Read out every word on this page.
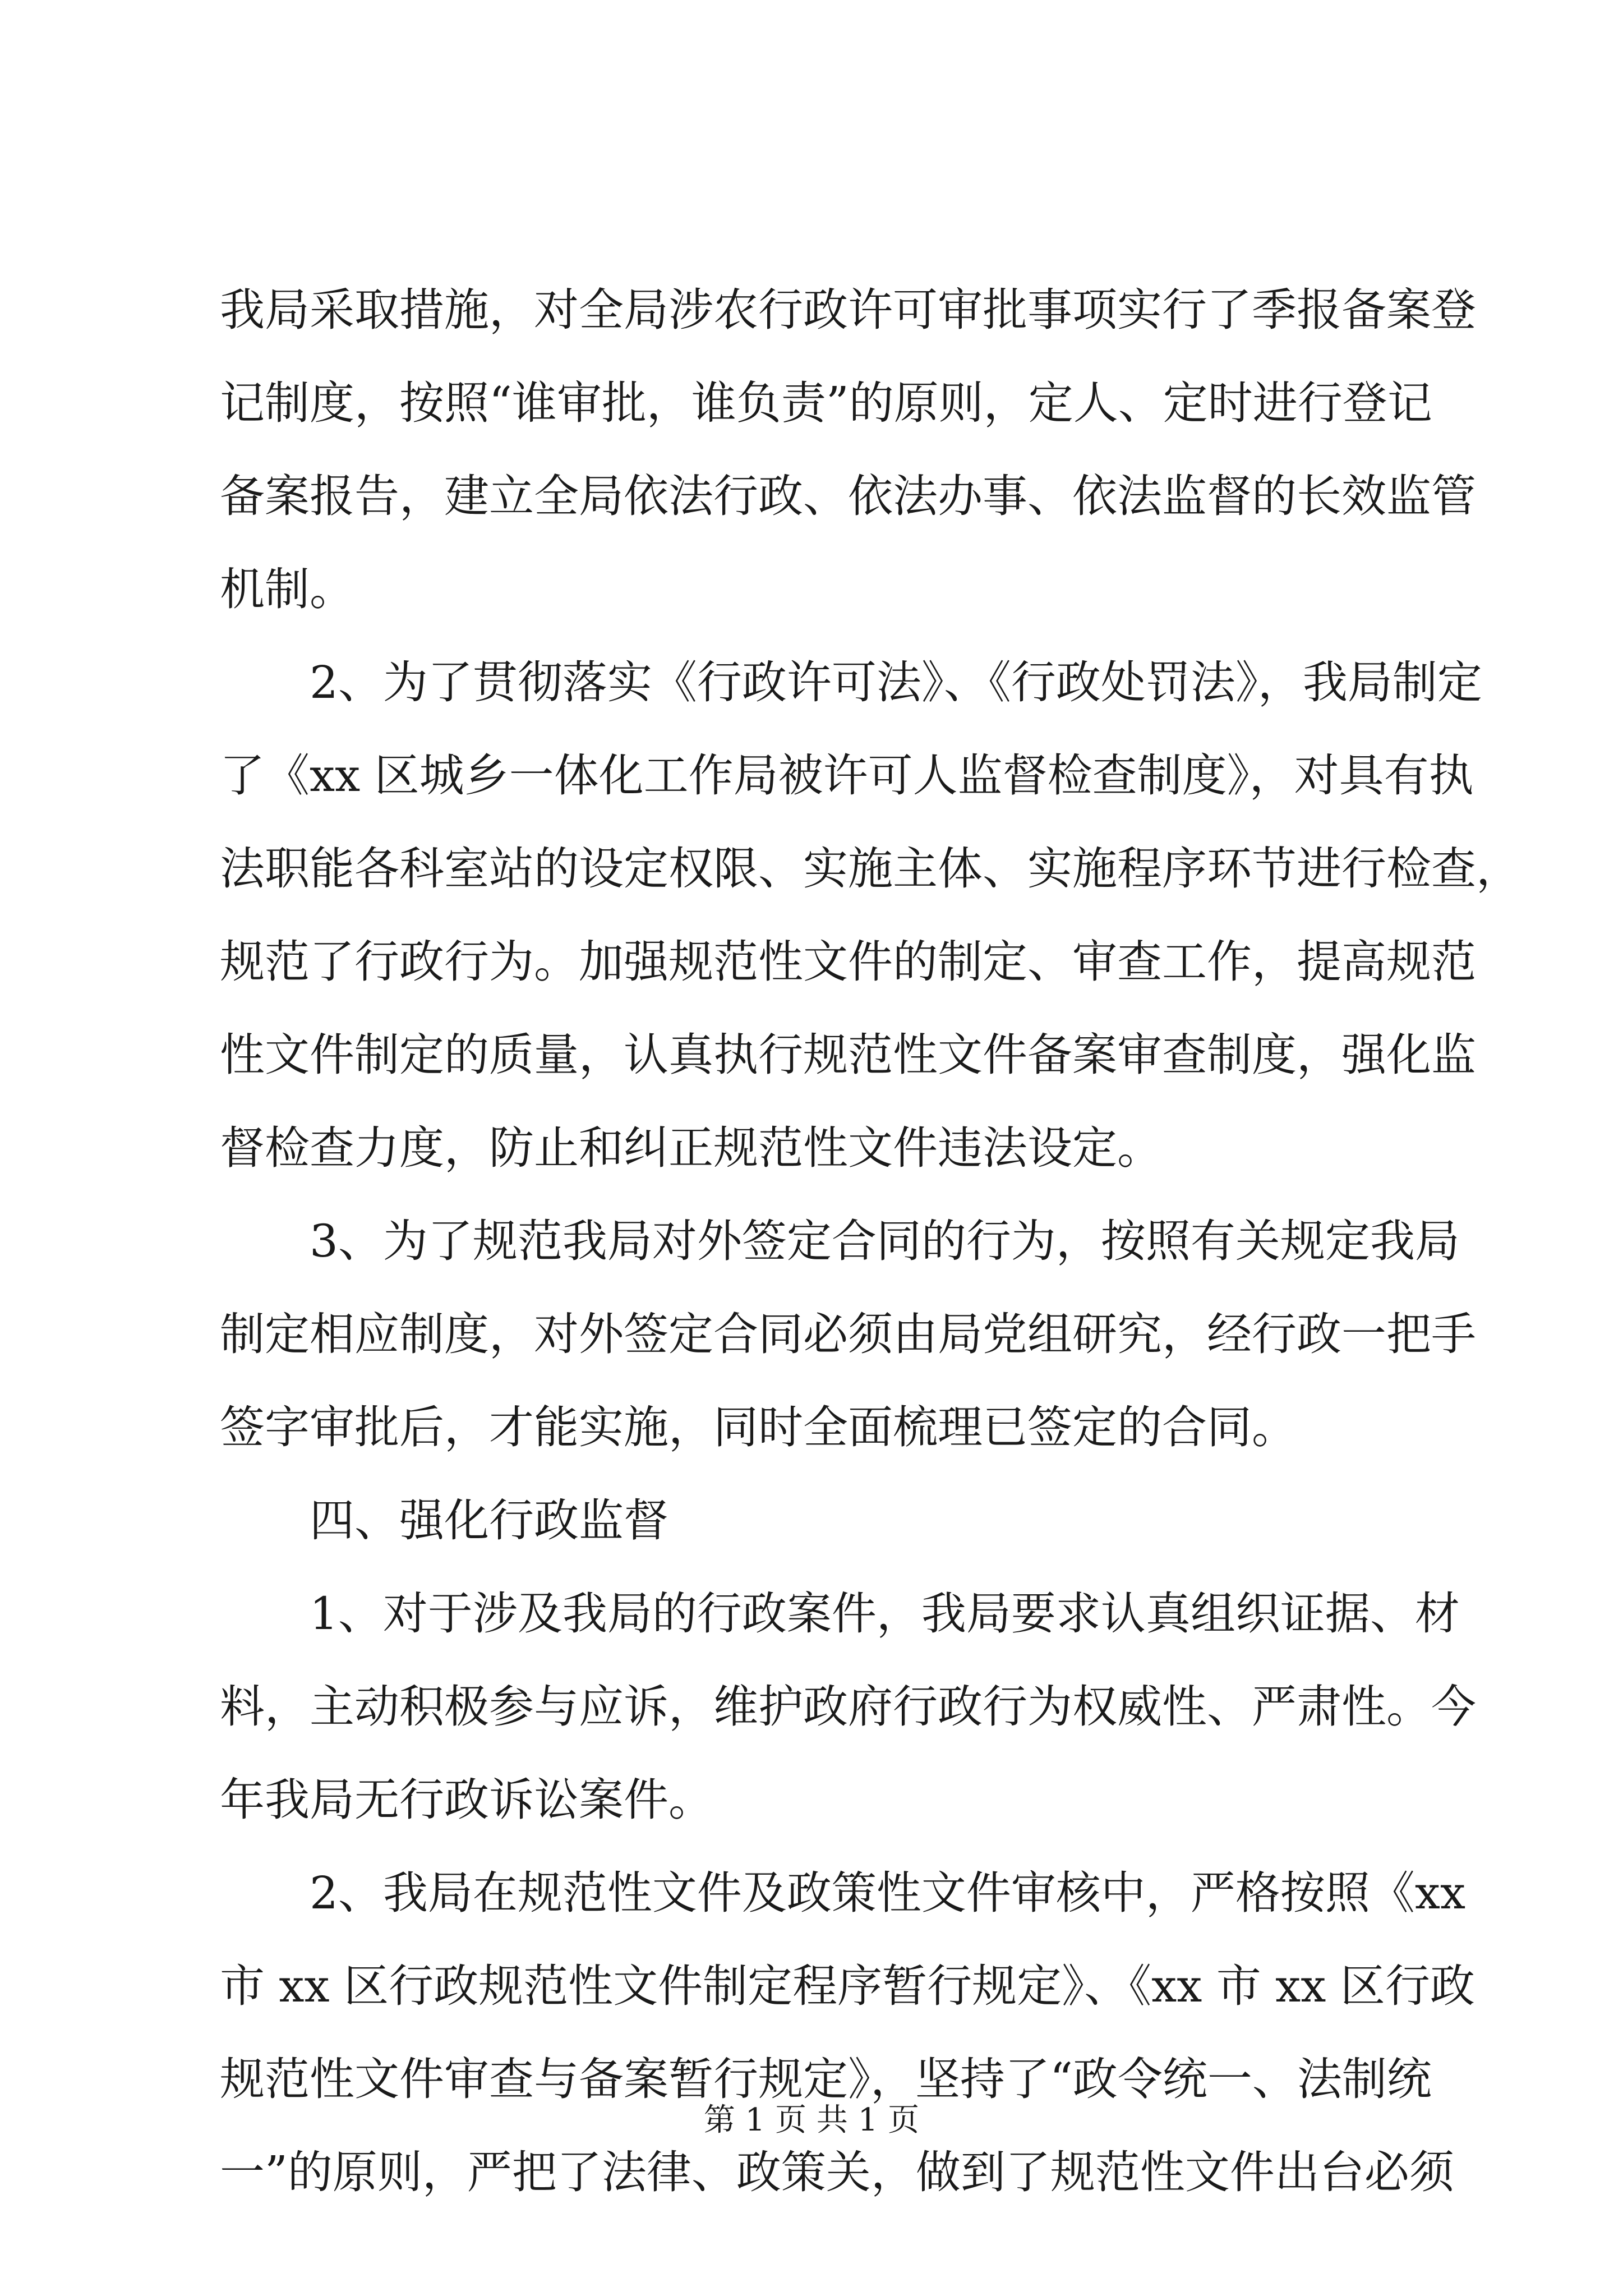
我局采取措施，对全局涉农行政许可审批事项实行了季报备案登
记制度，按照“谁审批，谁负责”的原则，定人、定时进行登记
备案报告，建立全局依法行政、依法办事、依法监督的长效监管
机制。
2、为了贯彻落实《行政许可法》、《行政处罚法》，我局制定
了《xx 区城乡一体化工作局被许可人监督检查制度》，对具有执
法职能各科室站的设定权限、实施主体、实施程序环节进行检查，
规范了行政行为。加强规范性文件的制定、审查工作，提高规范
性文件制定的质量，认真执行规范性文件备案审查制度，强化监
督检查力度，防止和纠正规范性文件违法设定。
3、为了规范我局对外签定合同的行为，按照有关规定我局
制定相应制度，对外签定合同必须由局党组研究，经行政一把手
签字审批后，才能实施，同时全面梳理已签定的合同。
四、强化行政监督
1、对于涉及我局的行政案件，我局要求认真组织证据、材
料，主动积极参与应诉，维护政府行政行为权威性、严肃性。今
年我局无行政诉讼案件。
2、我局在规范性文件及政策性文件审核中，严格按照《xx
市 xx 区行政规范性文件制定程序暂行规定》、《xx 市 xx 区行政
规范性文件审查与备案暂行规定》，坚持了“政令统一、法制统
一”的原则，严把了法律、政策关，做到了规范性文件出台必须
第 1 页 共 1 页
